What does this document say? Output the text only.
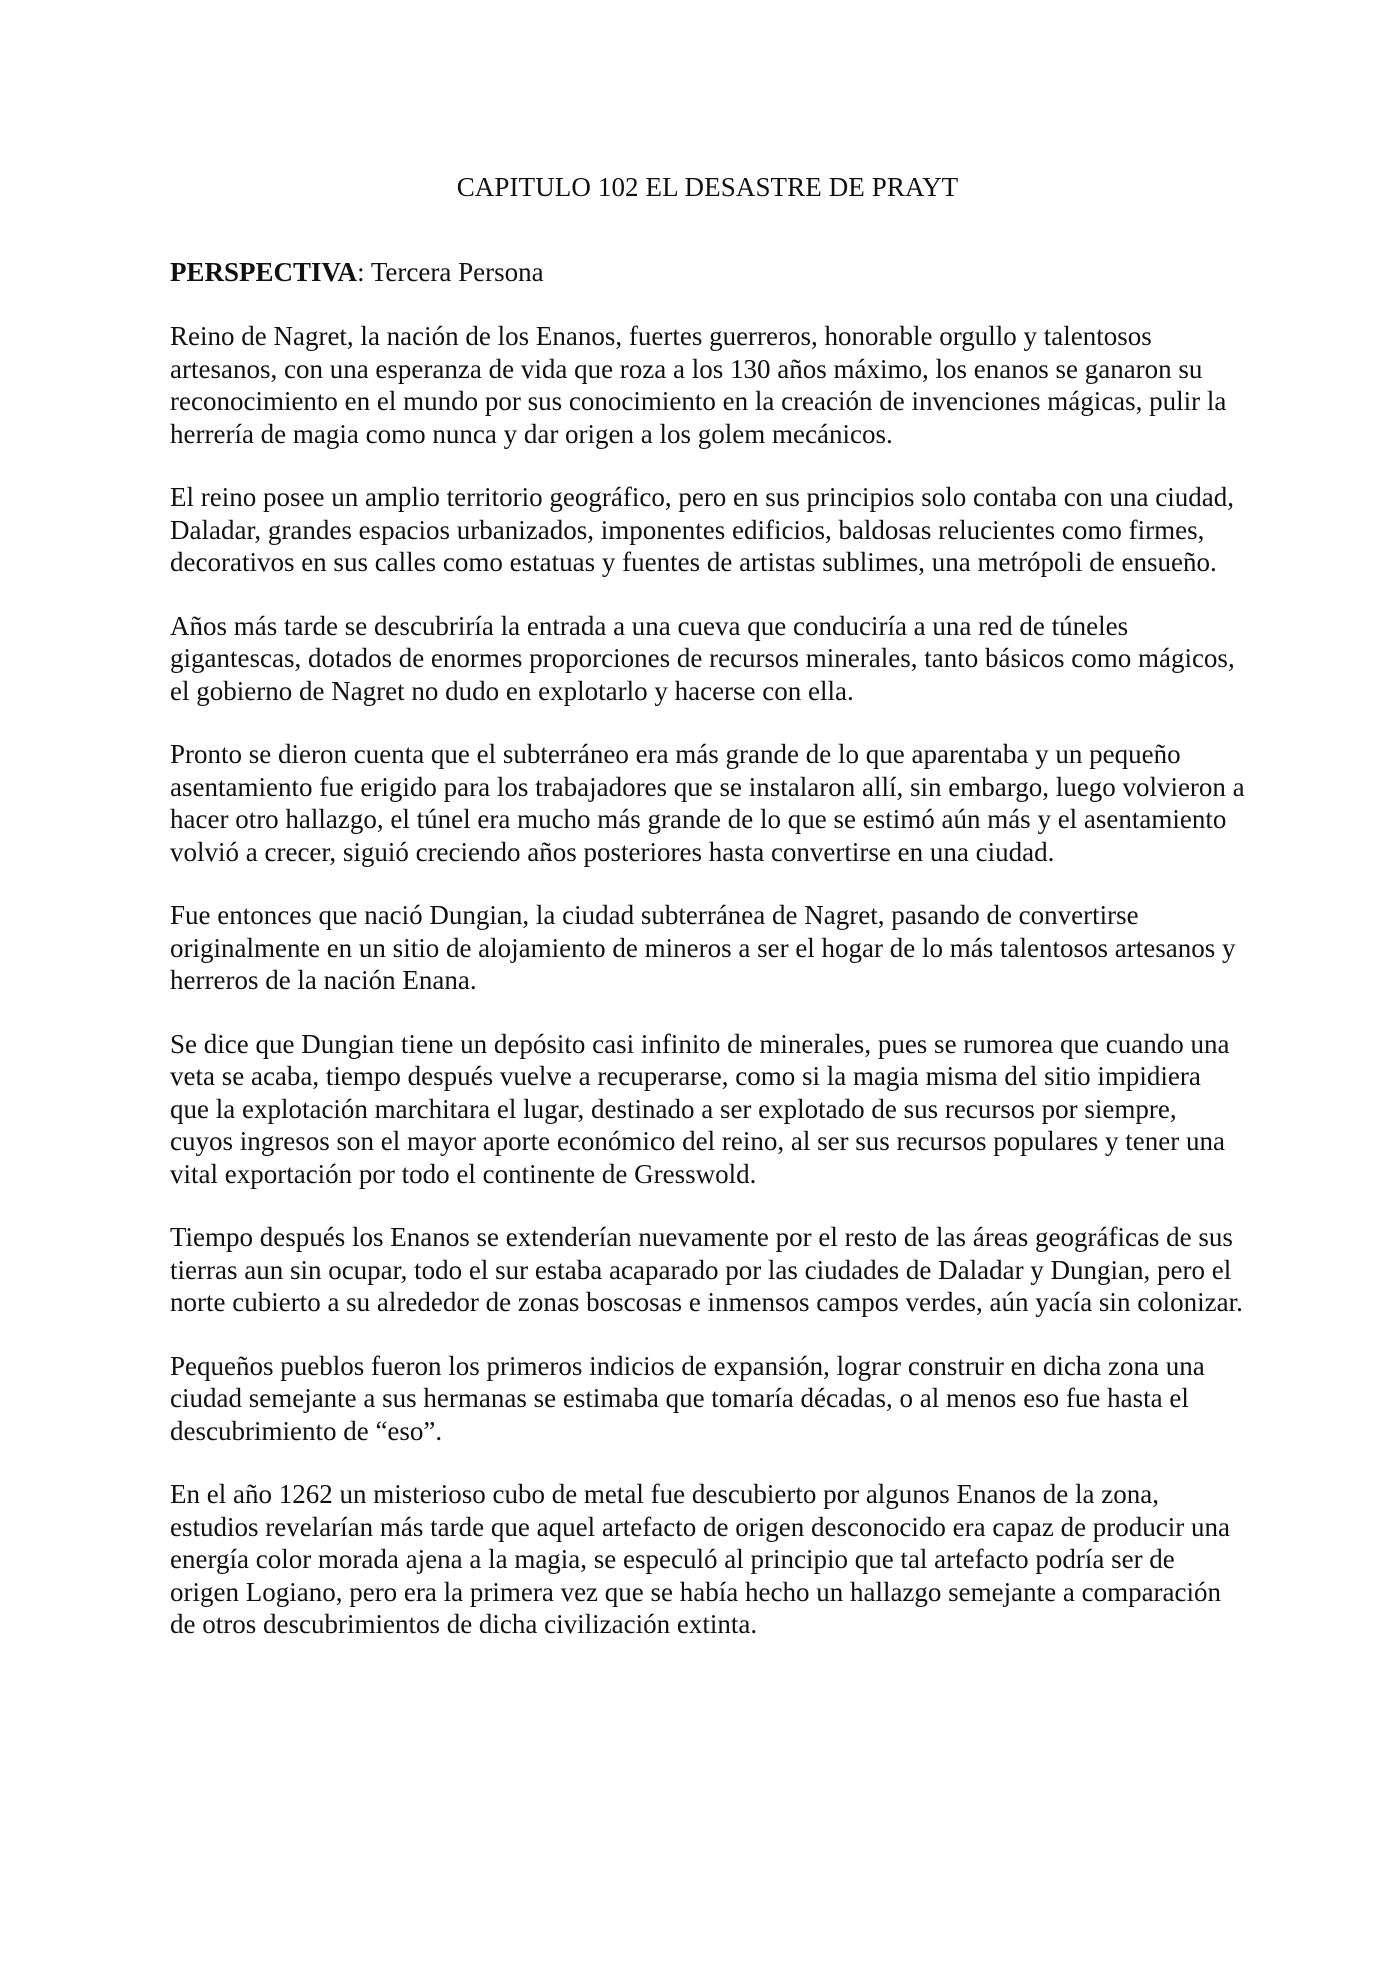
CAPITULO 102 EL DESASTRE DE PRAYT

PERSPECTIVA: Tercera Persona

Reino de Nagret, la nación de los Enanos, fuertes guerreros, honorable orgullo y talentosos artesanos, con una esperanza de vida que roza a los 130 años máximo, los enanos se ganaron su reconocimiento en el mundo por sus conocimiento en la creación de invenciones mágicas, pulir la herrería de magia como nunca y dar origen a los golem mecánicos.

El reino posee un amplio territorio geográfico, pero en sus principios solo contaba con una ciudad, Daladar, grandes espacios urbanizados, imponentes edificios, baldosas relucientes como firmes, decorativos en sus calles como estatuas y fuentes de artistas sublimes, una metrópoli de ensueño.

Años más tarde se descubriría la entrada a una cueva que conduciría a una red de túneles gigantescas, dotados de enormes proporciones de recursos minerales, tanto básicos como mágicos, el gobierno de Nagret no dudo en explotarlo y hacerse con ella.

Pronto se dieron cuenta que el subterráneo era más grande de lo que aparentaba y un pequeño asentamiento fue erigido para los trabajadores que se instalaron allí, sin embargo, luego volvieron a hacer otro hallazgo, el túnel era mucho más grande de lo que se estimó aún más y el asentamiento volvió a crecer, siguió creciendo años posteriores hasta convertirse en una ciudad.

Fue entonces que nació Dungian, la ciudad subterránea de Nagret, pasando de convertirse originalmente en un sitio de alojamiento de mineros a ser el hogar de lo más talentosos artesanos y herreros de la nación Enana.

Se dice que Dungian tiene un depósito casi infinito de minerales, pues se rumorea que cuando una veta se acaba, tiempo después vuelve a recuperarse, como si la magia misma del sitio impidiera que la explotación marchitara el lugar, destinado a ser explotado de sus recursos por siempre, cuyos ingresos son el mayor aporte económico del reino, al ser sus recursos populares y tener una vital exportación por todo el continente de Gresswold.

Tiempo después los Enanos se extenderían nuevamente por el resto de las áreas geográficas de sus tierras aun sin ocupar, todo el sur estaba acaparado por las ciudades de Daladar y Dungian, pero el norte cubierto a su alrededor de zonas boscosas e inmensos campos verdes, aún yacía sin colonizar.

Pequeños pueblos fueron los primeros indicios de expansión, lograr construir en dicha zona una ciudad semejante a sus hermanas se estimaba que tomaría décadas, o al menos eso fue hasta el descubrimiento de “eso”.

En el año 1262 un misterioso cubo de metal fue descubierto por algunos Enanos de la zona, estudios revelarían más tarde que aquel artefacto de origen desconocido era capaz de producir una energía color morada ajena a la magia, se especuló al principio que tal artefacto podría ser de origen Logiano, pero era la primera vez que se había hecho un hallazgo semejante a comparación de otros descubrimientos de dicha civilización extinta.
